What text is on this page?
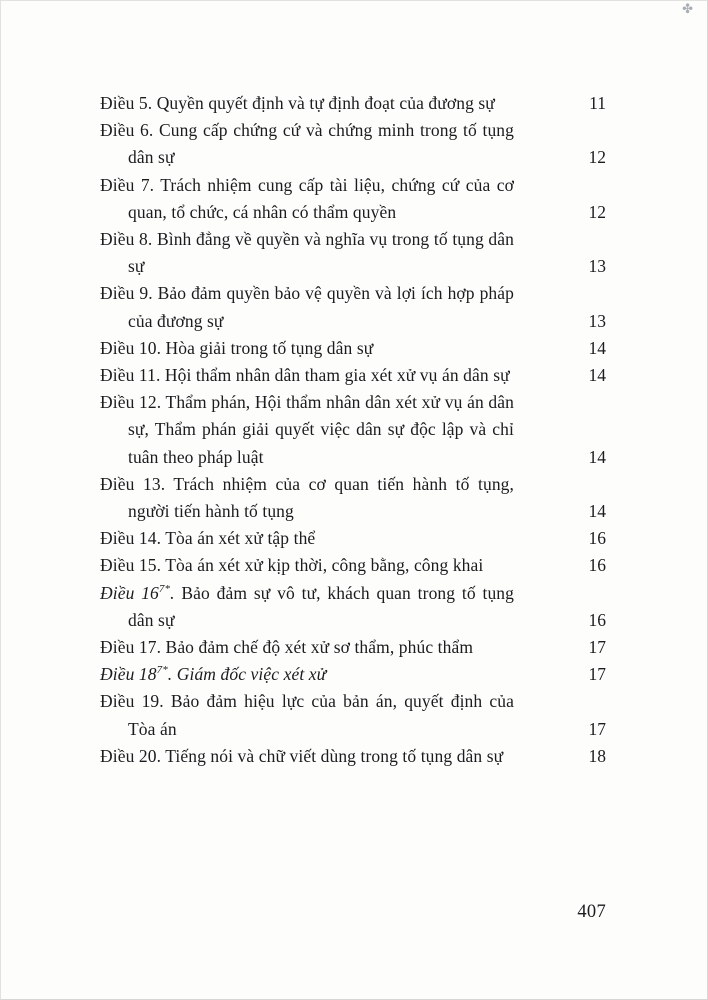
✤
Điều 5. Quyền quyết định và tự định đoạt của đương sự	11
Điều 6. Cung cấp chứng cứ và chứng minh trong tố tụng dân sự	12
Điều 7. Trách nhiệm cung cấp tài liệu, chứng cứ của cơ quan, tổ chức, cá nhân có thẩm quyền	12
Điều 8. Bình đẳng về quyền và nghĩa vụ trong tố tụng dân sự	13
Điều 9. Bảo đảm quyền bảo vệ quyền và lợi ích hợp pháp của đương sự	13
Điều 10. Hòa giải trong tố tụng dân sự	14
Điều 11. Hội thẩm nhân dân tham gia xét xử vụ án dân sự	14
Điều 12. Thẩm phán, Hội thẩm nhân dân xét xử vụ án dân sự, Thẩm phán giải quyết việc dân sự độc lập và chỉ tuân theo pháp luật	14
Điều 13. Trách nhiệm của cơ quan tiến hành tố tụng, người tiến hành tố tụng	14
Điều 14. Tòa án xét xử tập thể	16
Điều 15. Tòa án xét xử kịp thời, công bằng, công khai	16
Điều $16^{7*}$. Bảo đảm sự vô tư, khách quan trong tố tụng dân sự	16
Điều 17. Bảo đảm chế độ xét xử sơ thẩm, phúc thẩm	17
Điều $18^{7*}$. Giám đốc việc xét xử	17
Điều 19. Bảo đảm hiệu lực của bản án, quyết định của Tòa án	17
Điều 20. Tiếng nói và chữ viết dùng trong tố tụng dân sự	18
407
